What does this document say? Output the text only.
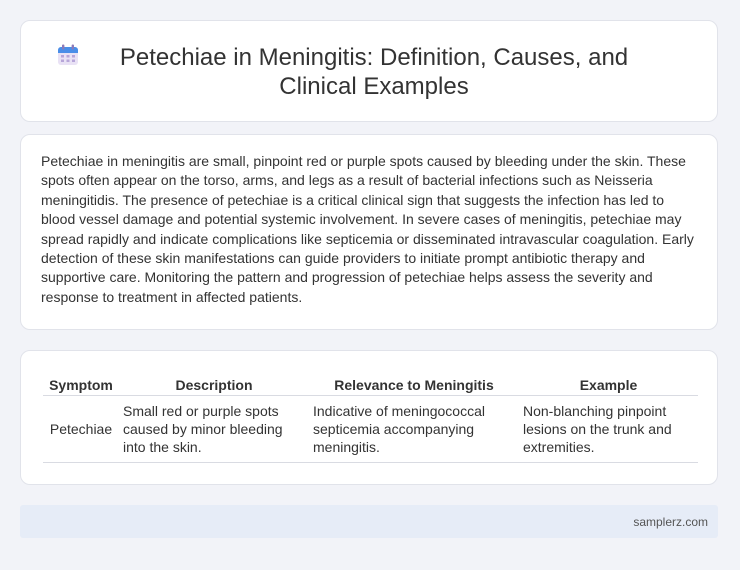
Petechiae in Meningitis: Definition, Causes, and Clinical Examples

Petechiae in meningitis are small, pinpoint red or purple spots caused by bleeding under the skin. These spots often appear on the torso, arms, and legs as a result of bacterial infections such as Neisseria meningitidis. The presence of petechiae is a critical clinical sign that suggests the infection has led to blood vessel damage and potential systemic involvement. In severe cases of meningitis, petechiae may spread rapidly and indicate complications like septicemia or disseminated intravascular coagulation. Early detection of these skin manifestations can guide providers to initiate prompt antibiotic therapy and supportive care. Monitoring the pattern and progression of petechiae helps assess the severity and response to treatment in affected patients.

Symptom	Description	Relevance to Meningitis	Example
Petechiae	Small red or purple spots caused by minor bleeding into the skin.	Indicative of meningococcal septicemia accompanying meningitis.	Non-blanching pinpoint lesions on the trunk and extremities.
samplerz.com
